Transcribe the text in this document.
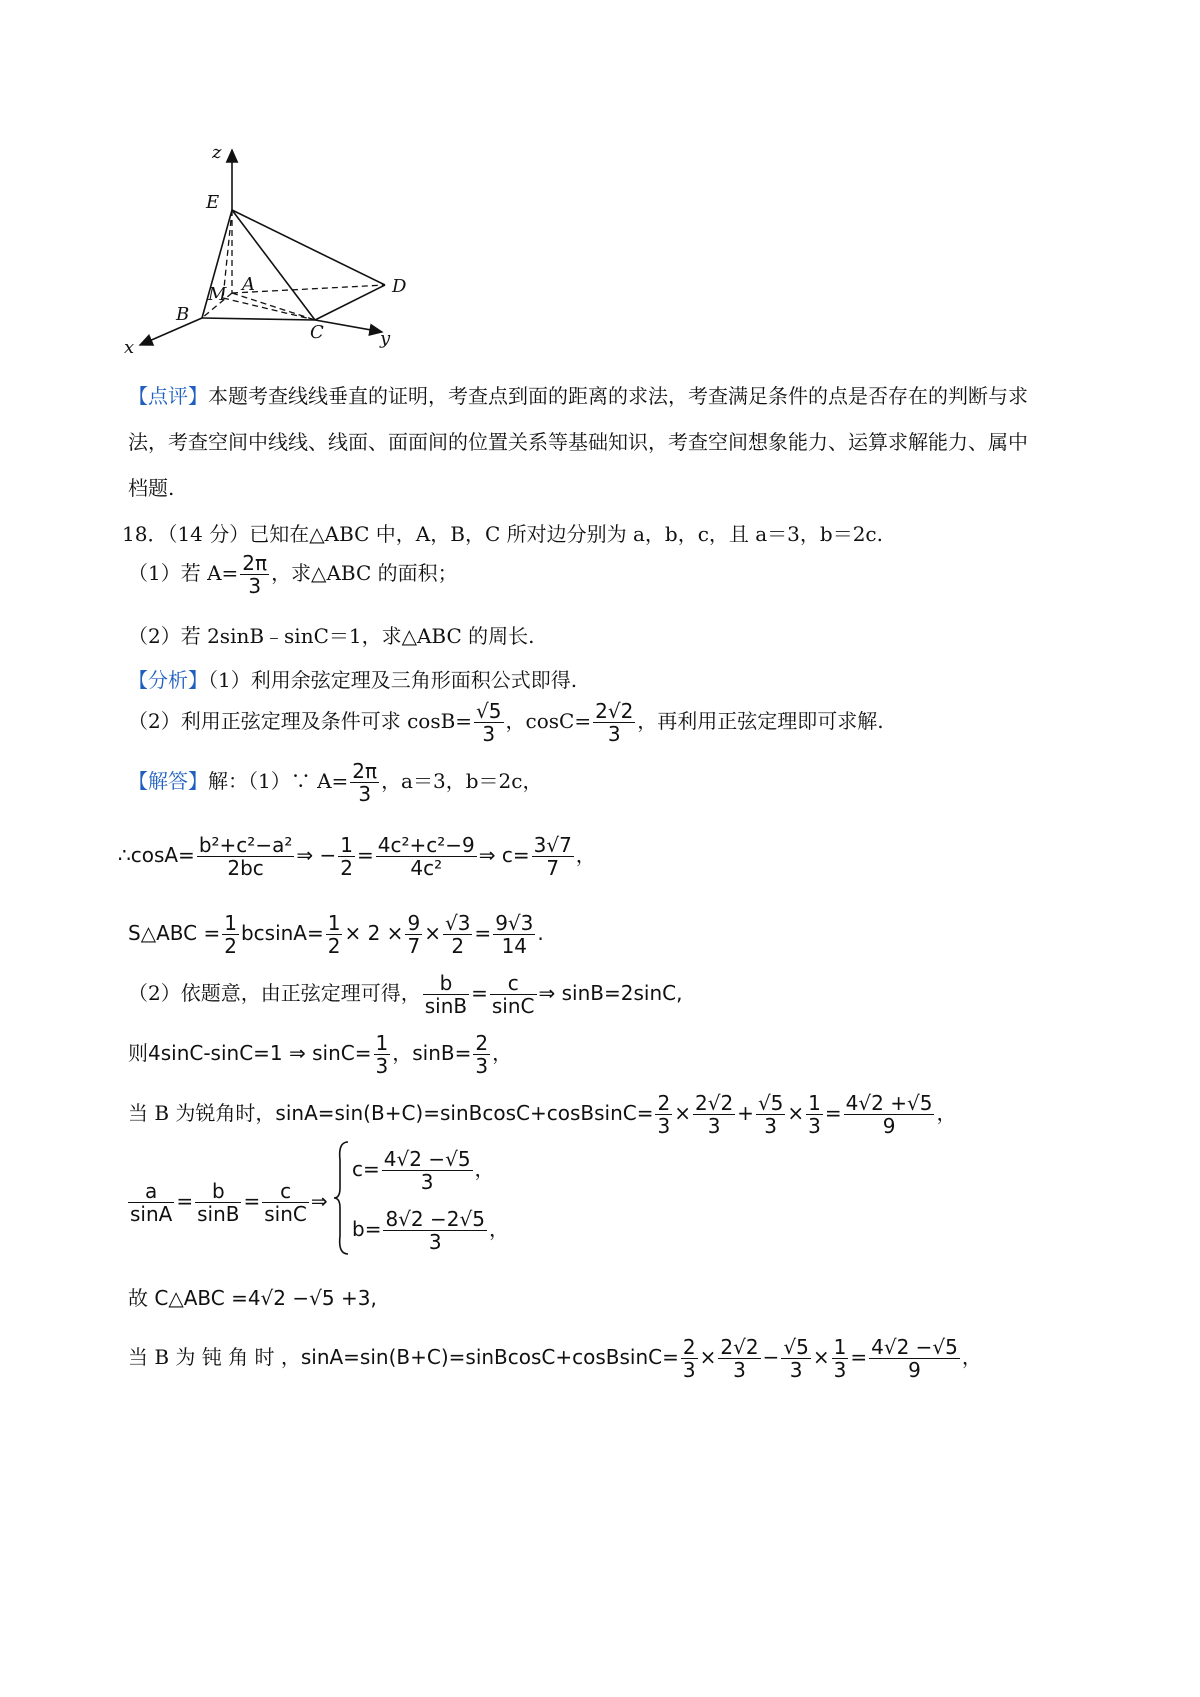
z
E
A	D
M
B
C
x	y
【点评】本题考查线线垂直的证明，考查点到面的距离的求法，考查满足条件的点是否存在的判断与求
法，考查空间中线线、线面、面面间的位置关系等基础知识，考查空间想象能力、运算求解能力、属中
档题.
18．（14 分）已知在△ABC 中，A，B，C 所对边分别为 a，b，c，且 a＝3，b＝2c.
（1）若 $A= \frac{2\pi}{3}$ ，求△ABC 的面积；
（2）若 2sinB﹣sinC＝1，求△ABC 的周长.
【分析】（1）利用余弦定理及三角形面积公式即得.
（2）利用正弦定理及条件可求 $\cos B= \frac{√5}{3}$ ，$\cos C= \frac{2√2}{3}$ ，再利用正弦定理即可求解.
【解答】解：（1）∵ $A= \frac{2\pi}{3}$ ，a＝3，b＝2c，
∴cosA= $\frac{\text{b²+c²−a²}}{2bc}$ ⇒ − $\frac{1}{2} = \frac{\text{4c²+c²−9}}{\text{4c²}}$ ⇒ $c= \frac{3√7}{7}$ ，
S△ABC = $\frac{1}{2} bcsinA= \frac{1}{2} \times 2 \times \frac{9}{7} \times \frac{√3}{2} = \frac{9√3}{14}$ .
（2）依题意，由正弦定理可得， $\frac{b}{\sin B} = \frac{c}{\sin C}$ ⇒ sinB=2sinC,
则4sinC-sinC=1 ⇒ $\sin C= \frac{1}{3}$ ，$\sin B= \frac{2}{3}$ ，
当 B 为锐角时，sinA=sin(B+C)=sinBcosC+cosBsinC= $\frac{2}{3} \times \frac{2√2}{3} + \frac{√5}{3} \times \frac{1}{3} = \frac{4√2 +√5}{9}$ ，
$\frac{a}{\sin A} = \frac{b}{\sin B} = \frac{c}{\sin C}$ ⇒
$c= \frac{4√2 -√5}{3}$ ，
$b= \frac{8√2 -2√5}{3}$ ，
故 C△ABC =4√2 −√5 +3,
当 B 为 钝 角 时 ，sinA=sin(B+C)=sinBcosC+cosBsinC= $\frac{2}{3} \times \frac{2√2}{3} - \frac{√5}{3} \times \frac{1}{3} = \frac{4√2 -√5}{9}$ ，
